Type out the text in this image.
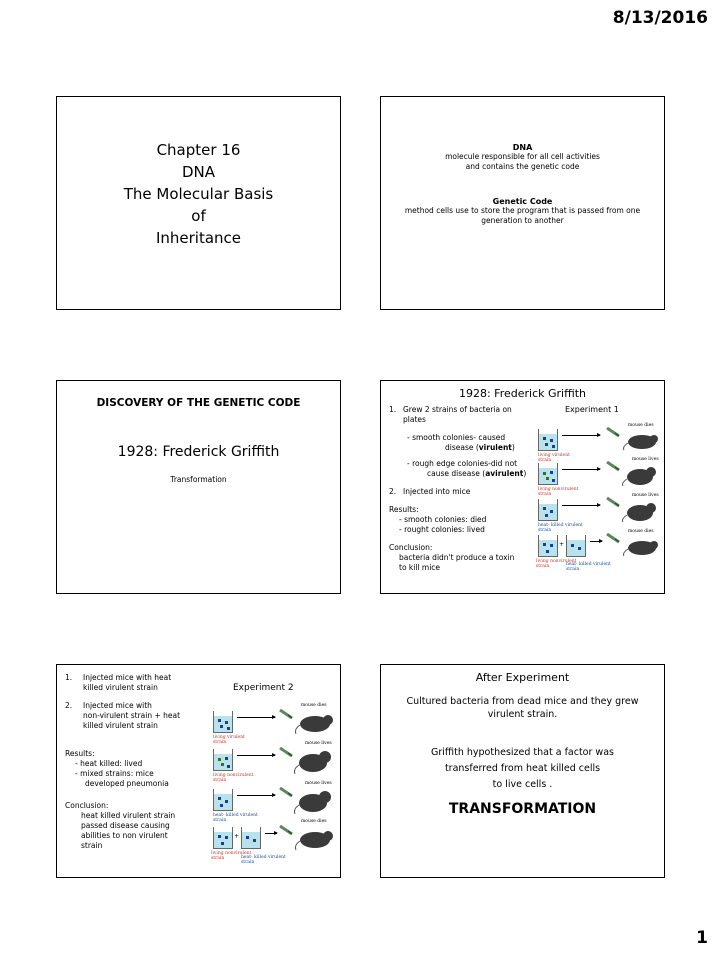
8/13/2016
Chapter 16
DNA
The Molecular Basis
of
Inheritance
DNA
molecule responsible for all cell activities
and contains the genetic code
Genetic Code
method cells use to store the program that is passed from one
generation to another
DISCOVERY OF THE GENETIC CODE
1928: Frederick Griffith
Transformation
1928: Frederick Griffith
Experiment 1
1. Grew 2 strains of bacteria on
plates
- smooth colonies- caused
disease (virulent)
- rough edge colonies-did not
cause disease (avirulent)
2. Injected into mice
Results:
- smooth colonies: died
- rought colonies: lived
Conclusion:
bacteria didn't produce a toxin
to kill mice
living virulent
strain
mouse dies
living nonvirulent
strain
mouse lives
heat- killed virulent
strain
mouse lives
+
living nonvirulent
strain	heat- killed virulent
strain
mouse dies
Experiment 2
1. Injected mice with heat
killed virulent strain
2. Injected mice with
non-virulent strain + heat
killed virulent strain
Results:
- heat killed: lived
- mixed strains: mice
developed pneumonia
Conclusion:
heat killed virulent strain
passed disease causing
abilities to non virulent
strain
living virulent
strain
mouse dies
living nonvirulent
strain
mouse lives
heat- killed virulent
strain
mouse lives
+
living nonvirulent
strain	heat- killed virulent
strain
mouse dies
After Experiment
Cultured bacteria from dead mice and they grew
virulent strain.
Griffith hypothesized that a factor was
transferred from heat killed cells
to live cells .
TRANSFORMATION
1
